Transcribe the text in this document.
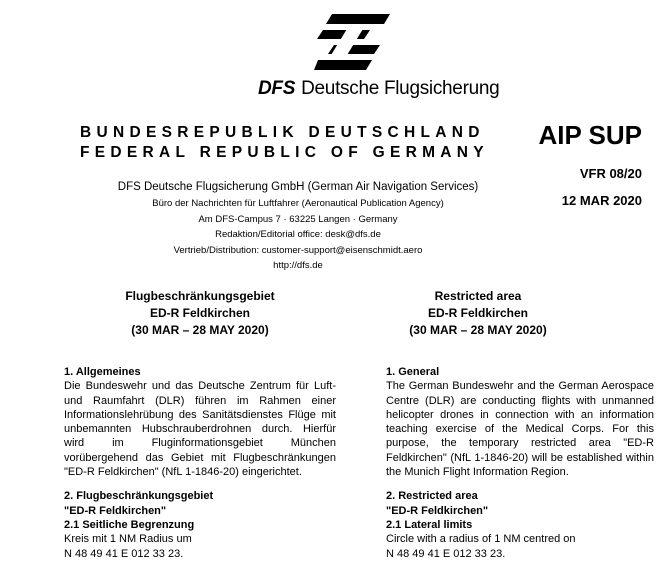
DFS Deutsche Flugsicherung
BUNDESREPUBLIK DEUTSCHLAND
FEDERAL REPUBLIC OF GERMANY
AIP SUP
VFR 08/20
12 MAR 2020
DFS Deutsche Flugsicherung GmbH (German Air Navigation Services)
Büro der Nachrichten für Luftfahrer (Aeronautical Publication Agency)
Am DFS-Campus 7 · 63225 Langen · Germany
Redaktion/Editorial office: desk@dfs.de
Vertrieb/Distribution: customer-support@eisenschmidt.aero
http://dfs.de
Flugbeschränkungsgebiet
ED-R Feldkirchen
(30 MAR – 28 MAY 2020)
Restricted area
ED-R Feldkirchen
(30 MAR – 28 MAY 2020)
1. Allgemeines

Die Bundeswehr und das Deutsche Zentrum für Luft- und Raumfahrt (DLR) führen im Rahmen einer Informationslehrübung des Sanitätsdienstes Flüge mit unbemannten Hubschrauberdrohnen durch. Hierfür wird im Fluginformationsgebiet München vorübergehend das Gebiet mit Flugbeschränkungen "ED-R Feldkirchen" (NfL 1-1846-20) eingerichtet.

2. Flugbeschränkungsgebiet
"ED-R Feldkirchen"
2.1 Seitliche Begrenzung
Kreis mit 1 NM Radius um
N 48 49 41 E 012 33 23.
1. General

The German Bundeswehr and the German Aerospace Centre (DLR) are conducting flights with unmanned helicopter drones in connection with an information teaching exercise of the Medical Corps. For this purpose, the temporary restricted area "ED-R Feldkirchen" (NfL 1-1846-20) will be established within the Munich Flight Information Region.

2. Restricted area
"ED-R Feldkirchen"
2.1 Lateral limits
Circle with a radius of 1 NM centred on
N 48 49 41 E 012 33 23.
